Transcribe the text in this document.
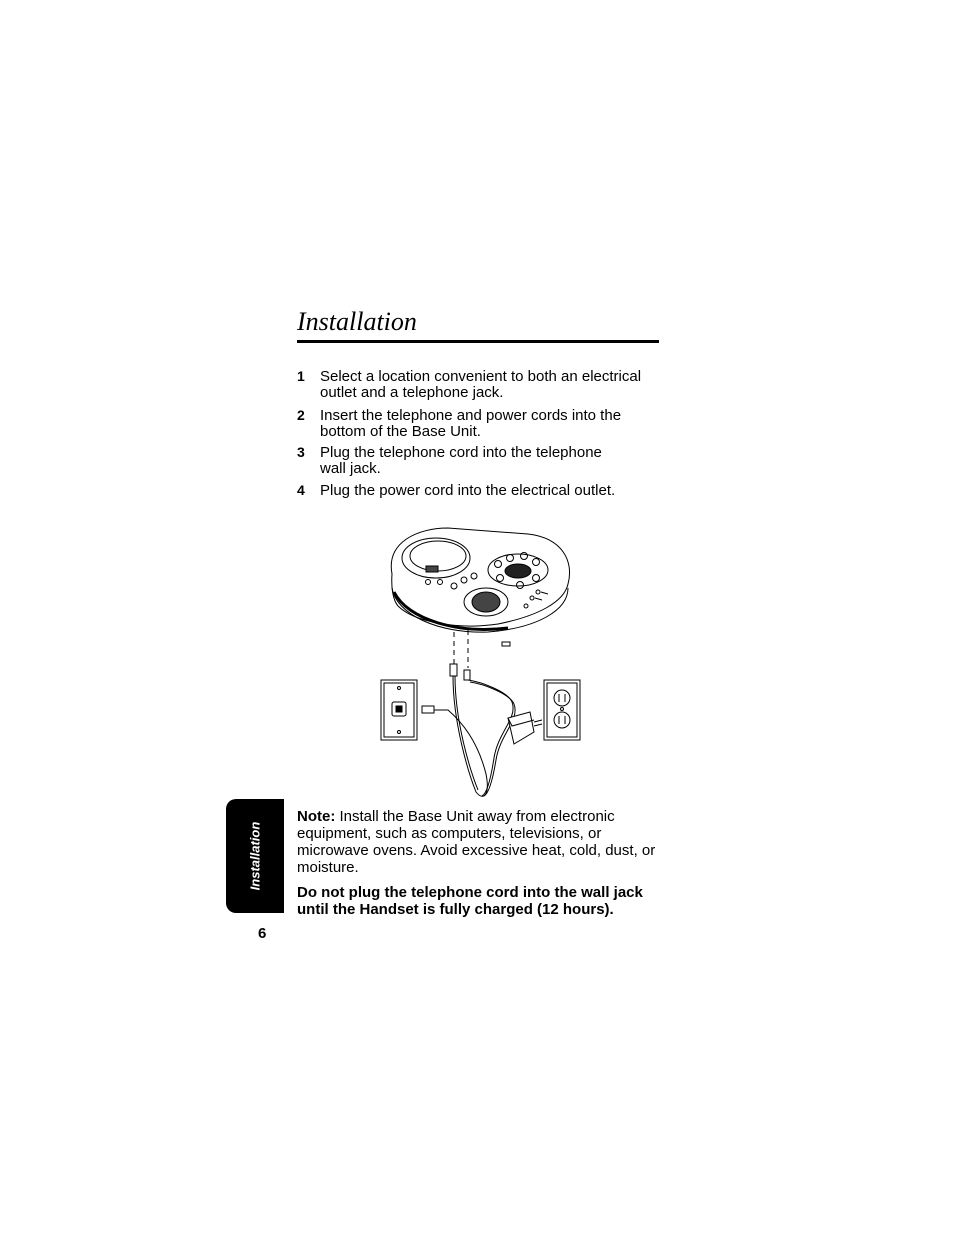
Installation
1 Select a location convenient to both an electrical
outlet and a telephone jack.
2 Insert the telephone and power cords into the
bottom of the Base Unit.
3 Plug the telephone cord into the telephone
wall jack.
4 Plug the power cord into the electrical outlet.

Note: Install the Base Unit away from electronic equipment, such as computers, televisions, or microwave ovens. Avoid excessive heat, cold, dust, or moisture.

Do not plug the telephone cord into the wall jack until the Handset is fully charged (12 hours).

Installation
6
